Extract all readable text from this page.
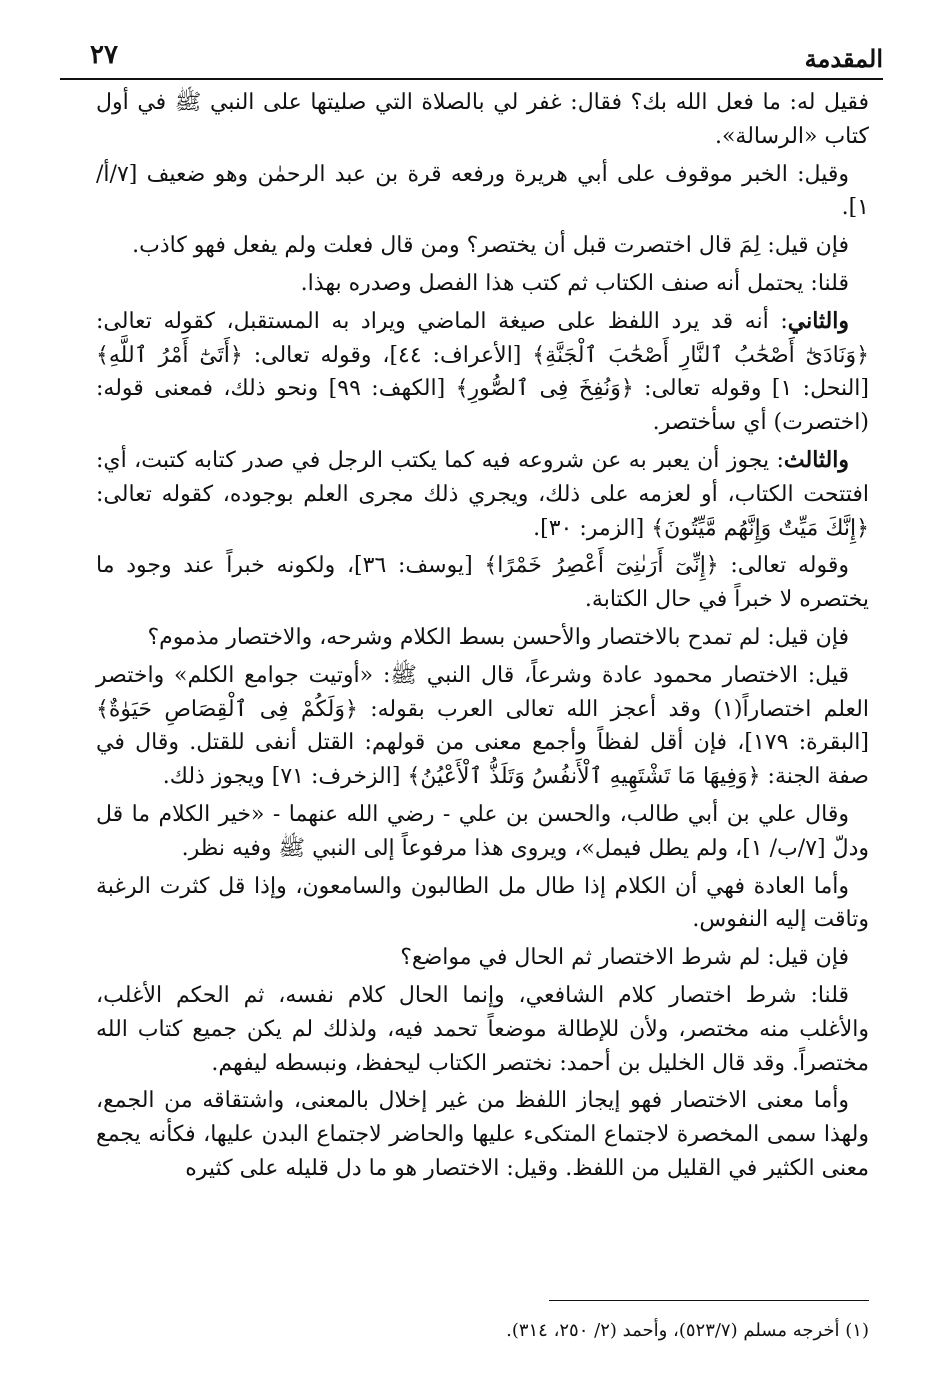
المقدمة
٢٧

فقيل له: ما فعل الله بك؟ فقال: غفر لي بالصلاة التي صليتها على النبي ﷺ في أول كتاب «الرسالة».

وقيل: الخبر موقوف على أبي هريرة ورفعه قرة بن عبد الرحمٰن وهو ضعيف [٧/أ/ ١].

فإن قيل: لِمَ قال اختصرت قبل أن يختصر؟ ومن قال فعلت ولم يفعل فهو كاذب.

قلنا: يحتمل أنه صنف الكتاب ثم كتب هذا الفصل وصدره بهذا.

والثاني: أنه قد يرد اللفظ على صيغة الماضي ويراد به المستقبل، كقوله تعالى: ﴿وَنَادَىٰٓ أَصْحَٰبُ ٱلنَّارِ أَصْحَٰبَ ٱلْجَنَّةِ﴾ [الأعراف: ٤٤]، وقوله تعالى: ﴿أَتَىٰٓ أَمْرُ ٱللَّهِ﴾ [النحل: ١] وقوله تعالى: ﴿وَنُفِخَ فِى ٱلصُّورِ﴾ [الكهف: ٩٩] ونحو ذلك، فمعنى قوله: (اختصرت) أي سأختصر.

والثالث: يجوز أن يعبر به عن شروعه فيه كما يكتب الرجل في صدر كتابه كتبت، أي: افتتحت الكتاب، أو لعزمه على ذلك، ويجري ذلك مجرى العلم بوجوده، كقوله تعالى: ﴿إِنَّكَ مَيِّتٌ وَإِنَّهُم مَّيِّتُونَ﴾ [الزمر: ٣٠].

وقوله تعالى: ﴿إِنِّىٓ أَرَىٰنِىٓ أَعْصِرُ خَمْرًا﴾ [يوسف: ٣٦]، ولكونه خبراً عند وجود ما يختصره لا خبراً في حال الكتابة.

فإن قيل: لم تمدح بالاختصار والأحسن بسط الكلام وشرحه، والاختصار مذموم؟

قيل: الاختصار محمود عادة وشرعاً، قال النبي ﷺ: «أوتيت جوامع الكلم» واختصر العلم اختصاراً(١) وقد أعجز الله تعالى العرب بقوله: ﴿وَلَكُمْ فِى ٱلْقِصَاصِ حَيَوٰةٌ﴾ [البقرة: ١٧٩]، فإن أقل لفظاً وأجمع معنى من قولهم: القتل أنفى للقتل. وقال في صفة الجنة: ﴿وَفِيهَا مَا تَشْتَهِيهِ ٱلْأَنفُسُ وَتَلَذُّ ٱلْأَعْيُنُ﴾ [الزخرف: ٧١] ويجوز ذلك.

وقال علي بن أبي طالب، والحسن بن علي - رضي الله عنهما - «خير الكلام ما قل ودلّ [٧/ب/ ١]، ولم يطل فيمل»، ويروى هذا مرفوعاً إلى النبي ﷺ وفيه نظر.

وأما العادة فهي أن الكلام إذا طال مل الطالبون والسامعون، وإذا قل كثرت الرغبة وتاقت إليه النفوس.

فإن قيل: لم شرط الاختصار ثم الحال في مواضع؟

قلنا: شرط اختصار كلام الشافعي، وإنما الحال كلام نفسه، ثم الحكم الأغلب، والأغلب منه مختصر، ولأن للإطالة موضعاً تحمد فيه، ولذلك لم يكن جميع كتاب الله مختصراً. وقد قال الخليل بن أحمد: نختصر الكتاب ليحفظ، ونبسطه ليفهم.

وأما معنى الاختصار فهو إيجاز اللفظ من غير إخلال بالمعنى، واشتقاقه من الجمع، ولهذا سمى المخصرة لاجتماع المتكىء عليها والحاضر لاجتماع البدن عليها، فكأنه يجمع معنى الكثير في القليل من اللفظ. وقيل: الاختصار هو ما دل قليله على كثيره

(١) أخرجه مسلم (٥٢٣/٧)، وأحمد (٢/ ٢٥٠، ٣١٤).
